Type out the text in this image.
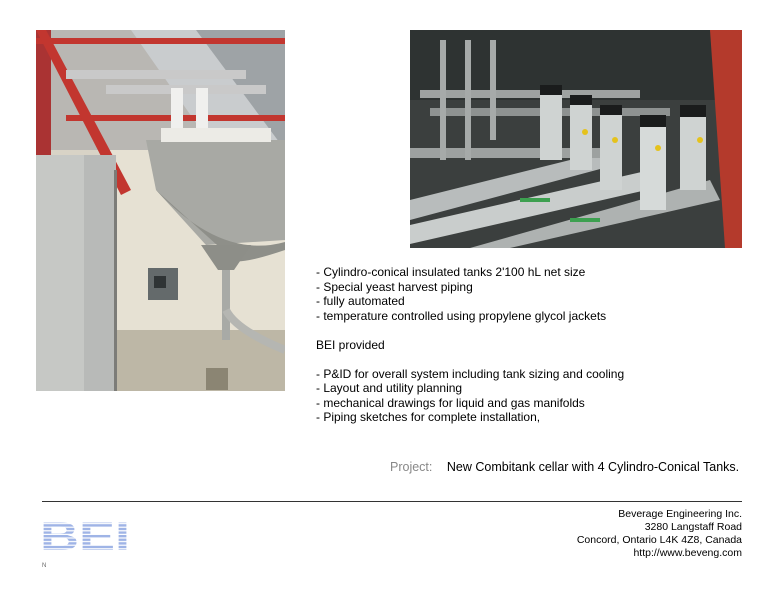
- Cylindro-conical insulated tanks 2'100 hL net size
- Special yeast harvest piping
- fully automated
- temperature controlled using propylene glycol jackets
BEI provided
- P&ID for overall system including tank sizing and cooling
- Layout and utility planning
- mechanical drawings for liquid and gas manifolds
- Piping sketches for complete installation,
Project: New Combitank cellar with 4 Cylindro-Conical Tanks.
BEI
Beverage Engineering Inc.
3280 Langstaff Road
Concord, Ontario L4K 4Z8, Canada
http://www.beveng.com
N
